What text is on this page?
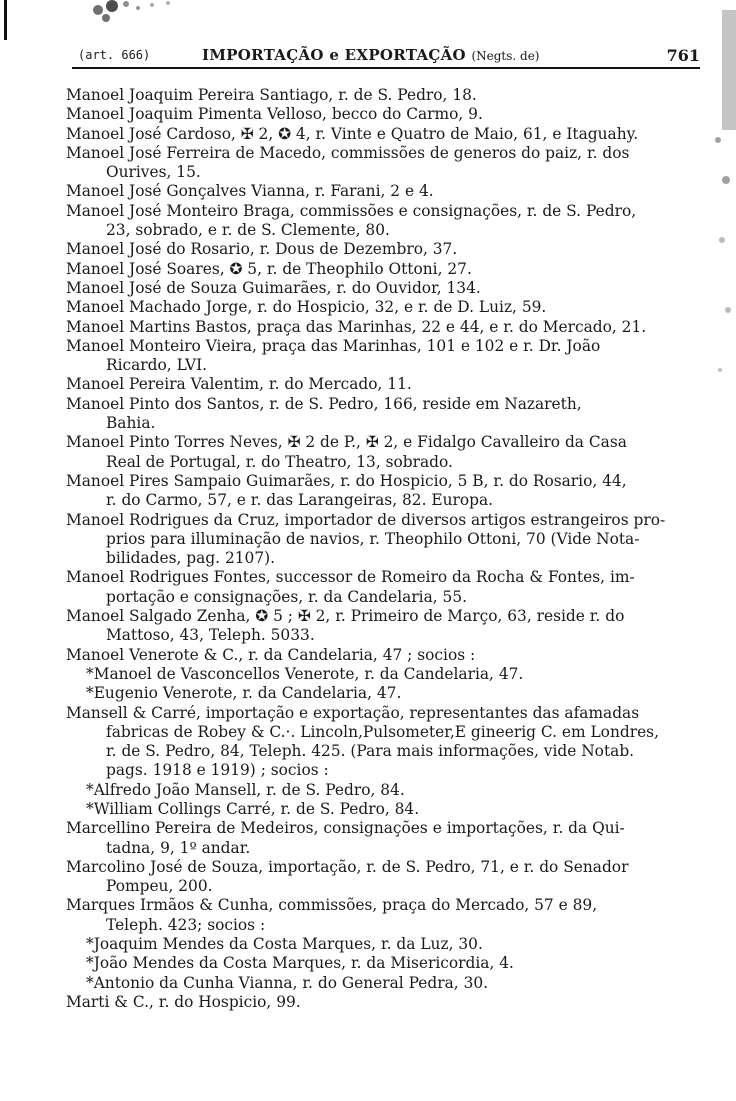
(art. 666)	IMPORTAÇÃO e EXPORTAÇÃO (Negts. de)	761

Manoel Joaquim Pereira Santiago, r. de S. Pedro, 18.

Manoel Joaquim Pimenta Velloso, becco do Carmo, 9.

Manoel José Cardoso, ✠ 2, ✪ 4, r. Vinte e Quatro de Maio, 61, e Itaguahy.

Manoel José Ferreira de Macedo, commissões de generos do paiz, r. dos
Ourives, 15.

Manoel José Gonçalves Vianna, r. Farani, 2 e 4.

Manoel José Monteiro Braga, commissões e consignações, r. de S. Pedro,
23, sobrado, e r. de S. Clemente, 80.

Manoel José do Rosario, r. Dous de Dezembro, 37.

Manoel José Soares, ✪ 5, r. de Theophilo Ottoni, 27.

Manoel José de Souza Guimarães, r. do Ouvidor, 134.

Manoel Machado Jorge, r. do Hospicio, 32, e r. de D. Luiz, 59.

Manoel Martins Bastos, praça das Marinhas, 22 e 44, e r. do Mercado, 21.

Manoel Monteiro Vieira, praça das Marinhas, 101 e 102 e r. Dr. João
Ricardo, LVI.

Manoel Pereira Valentim, r. do Mercado, 11.

Manoel Pinto dos Santos, r. de S. Pedro, 166, reside em Nazareth,
Bahia.

Manoel Pinto Torres Neves, ✠ 2 de P., ✠ 2, e Fidalgo Cavalleiro da Casa
Real de Portugal, r. do Theatro, 13, sobrado.

Manoel Pires Sampaio Guimarães, r. do Hospicio, 5 B, r. do Rosario, 44,
r. do Carmo, 57, e r. das Larangeiras, 82. Europa.

Manoel Rodrigues da Cruz, importador de diversos artigos estrangeiros pro-
prios para illuminação de navios, r. Theophilo Ottoni, 70 (Vide Nota-
bilidades, pag. 2107).

Manoel Rodrigues Fontes, successor de Romeiro da Rocha & Fontes, im-
portação e consignações, r. da Candelaria, 55.

Manoel Salgado Zenha, ✪ 5 ; ✠ 2, r. Primeiro de Março, 63, reside r. do
Mattoso, 43, Teleph. 5033.

Manoel Venerote & C., r. da Candelaria, 47 ; socios :

*Manoel de Vasconcellos Venerote, r. da Candelaria, 47.

*Eugenio Venerote, r. da Candelaria, 47.

Mansell & Carré, importação e exportação, representantes das afamadas
fabricas de Robey & C.·. Lincoln,Pulsometer,E gineerig C. em Londres,
r. de S. Pedro, 84, Teleph. 425. (Para mais informações, vide Notab.
pags. 1918 e 1919) ; socios :

*Alfredo João Mansell, r. de S. Pedro, 84.

*William Collings Carré, r. de S. Pedro, 84.

Marcellino Pereira de Medeiros, consignações e importações, r. da Qui-
tadna, 9, 1º andar.

Marcolino José de Souza, importação, r. de S. Pedro, 71, e r. do Senador
Pompeu, 200.

Marques Irmãos & Cunha, commissões, praça do Mercado, 57 e 89,
Teleph. 423; socios :

*Joaquim Mendes da Costa Marques, r. da Luz, 30.

*João Mendes da Costa Marques, r. da Misericordia, 4.

*Antonio da Cunha Vianna, r. do General Pedra, 30.

Marti & C., r. do Hospicio, 99.
